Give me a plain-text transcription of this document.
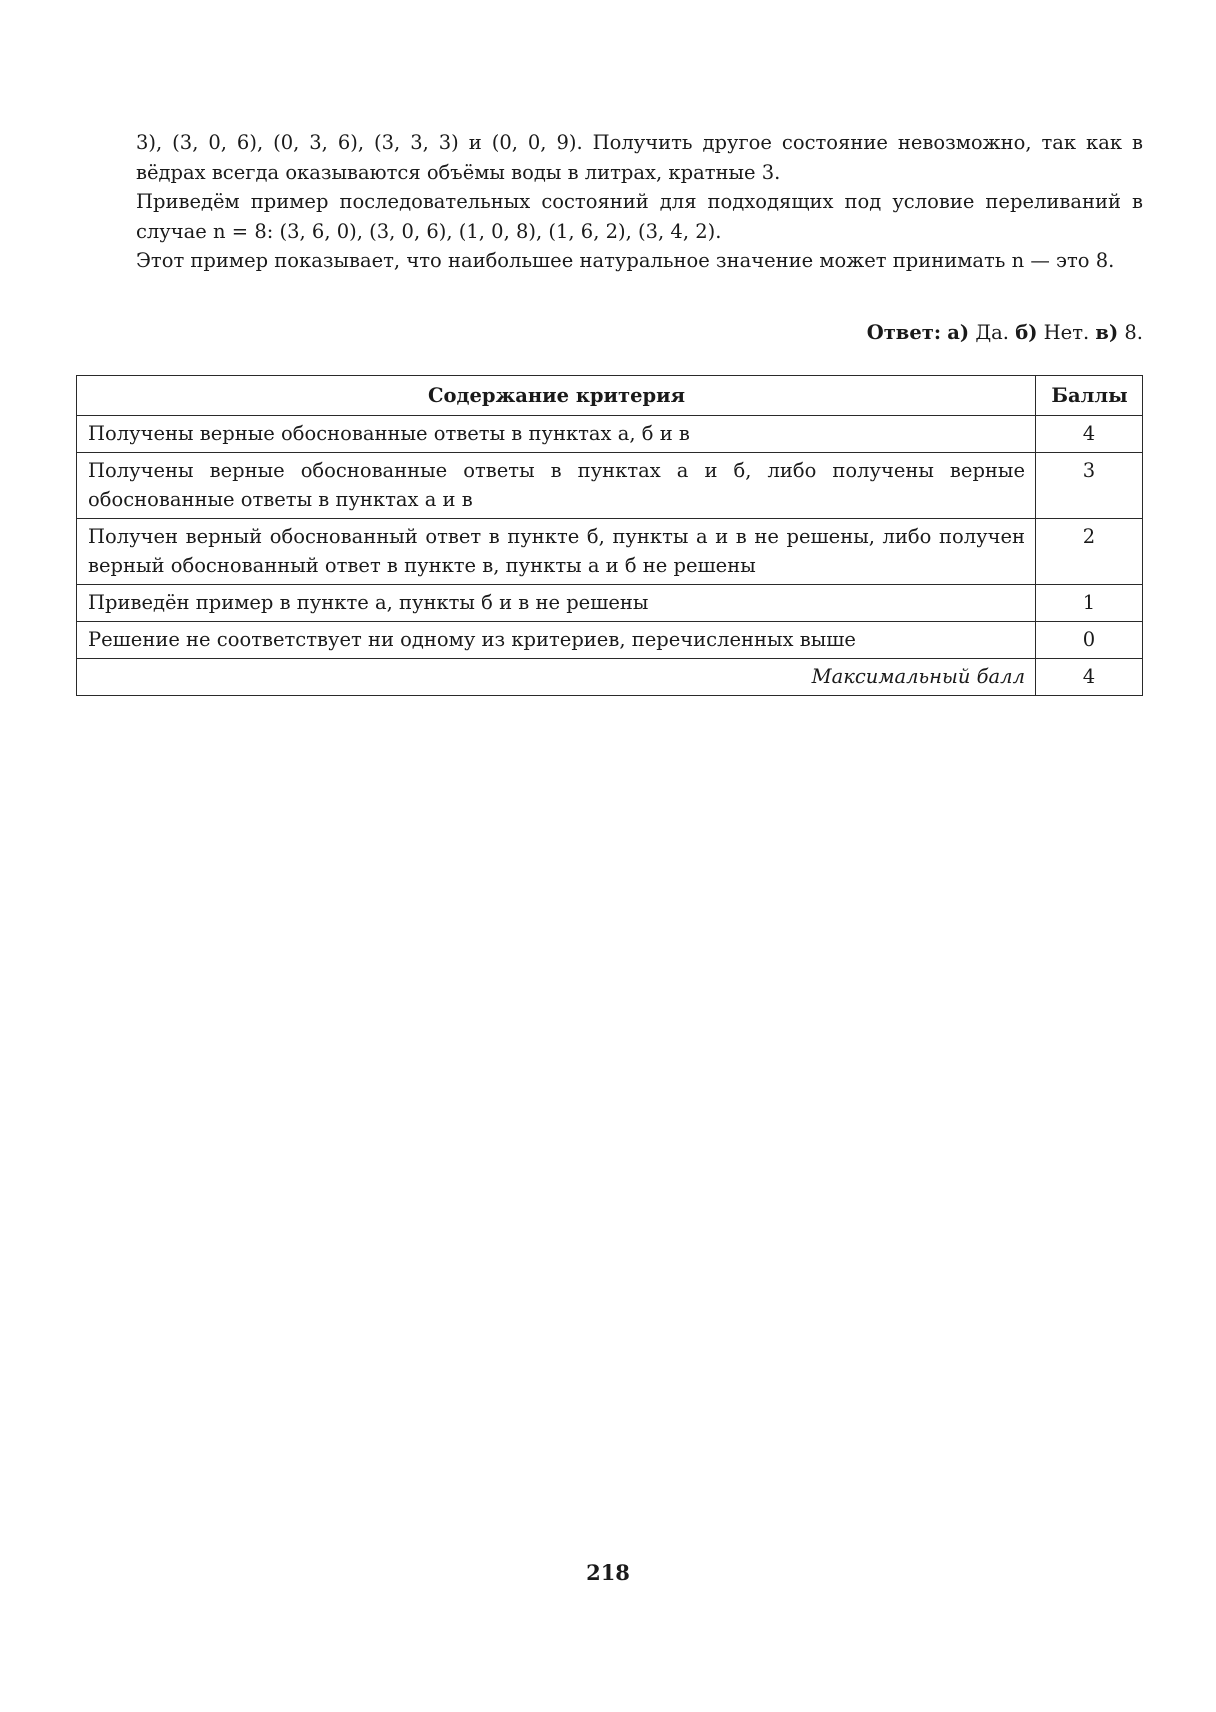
3), (3, 0, 6), (0, 3, 6), (3, 3, 3) и (0, 0, 9). Получить другое состояние невозможно, так как в вёдрах всегда оказываются объёмы воды в литрах, кратные 3.

Приведём пример последовательных состояний для подходящих под условие переливаний в случае n = 8: (3, 6, 0), (3, 0, 6), (1, 0, 8), (1, 6, 2), (3, 4, 2).

Этот пример показывает, что наибольшее натуральное значение может принимать n — это 8.

Ответ: а) Да. б) Нет. в) 8.
Содержание критерия	Баллы
Получены верные обоснованные ответы в пунктах а, б и в	4
Получены верные обоснованные ответы в пунктах а и б, либо получены верные обоснованные ответы в пунктах а и в	3
Получен верный обоснованный ответ в пункте б, пункты а и в не решены, либо получен верный обоснованный ответ в пункте в, пункты а и б не решены	2
Приведён пример в пункте а, пункты б и в не решены	1
Решение не соответствует ни одному из критериев, перечисленных выше	0
Максимальный балл	4
218
